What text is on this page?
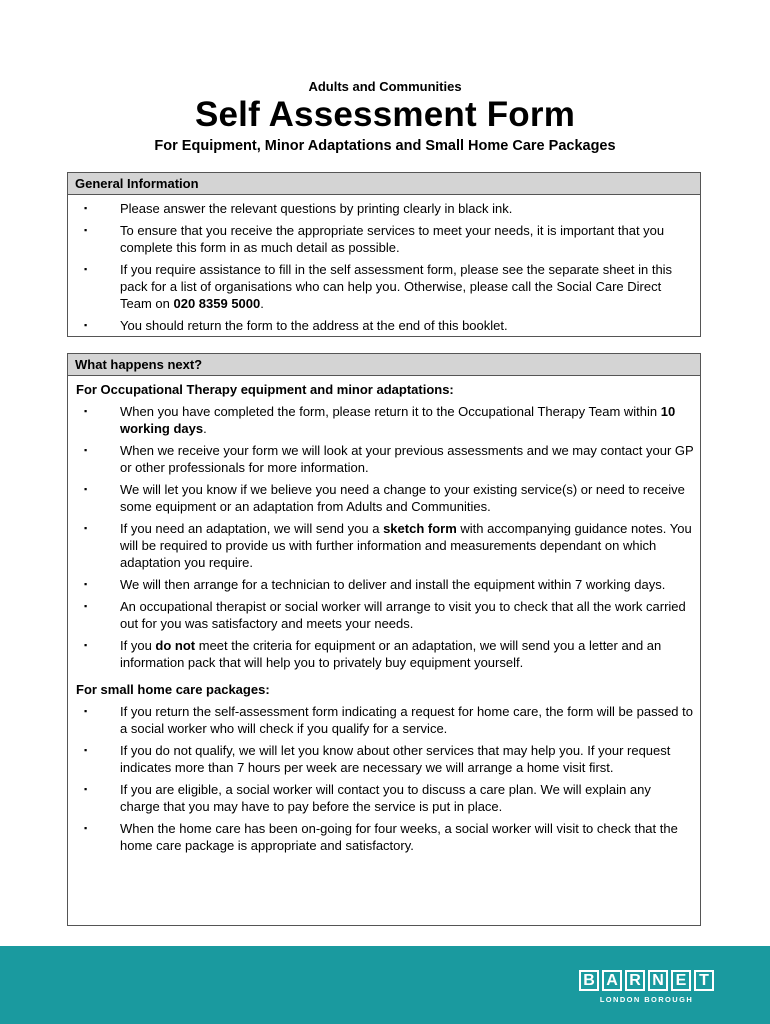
Adults and Communities
Self Assessment Form
For Equipment, Minor Adaptations and Small Home Care Packages
General Information
▪	Please answer the relevant questions by printing clearly in black ink.
▪	To ensure that you receive the appropriate services to meet your needs, it is important that you complete this form in as much detail as possible.
▪	If you require assistance to fill in the self assessment form, please see the separate sheet in this pack for a list of organisations who can help you. Otherwise, please call the Social Care Direct Team on 020 8359 5000.
▪	You should return the form to the address at the end of this booklet.
What happens next?
For Occupational Therapy equipment and minor adaptations:
▪	When you have completed the form, please return it to the Occupational Therapy Team within 10 working days.
▪	When we receive your form we will look at your previous assessments and we may contact your GP or other professionals for more information.
▪	We will let you know if we believe you need a change to your existing service(s) or need to receive some equipment or an adaptation from Adults and Communities.
▪	If you need an adaptation, we will send you a sketch form with accompanying guidance notes. You will be required to provide us with further information and measurements dependant on which adaptation you require.
▪	We will then arrange for a technician to deliver and install the equipment within 7 working days.
▪	An occupational therapist or social worker will arrange to visit you to check that all the work carried out for you was satisfactory and meets your needs.
▪	If you do not meet the criteria for equipment or an adaptation, we will send you a letter and an information pack that will help you to privately buy equipment yourself.
For small home care packages:
▪	If you return the self-assessment form indicating a request for home care, the form will be passed to a social worker who will check if you qualify for a service.
▪	If you do not qualify, we will let you know about other services that may help you. If your request indicates more than 7 hours per week are necessary we will arrange a home visit first.
▪	If you are eligible, a social worker will contact you to discuss a care plan. We will explain any charge that you may have to pay before the service is put in place.
▪	When the home care has been on-going for four weeks, a social worker will visit to check that the home care package is appropriate and satisfactory.
B A R N E T
LONDON BOROUGH
